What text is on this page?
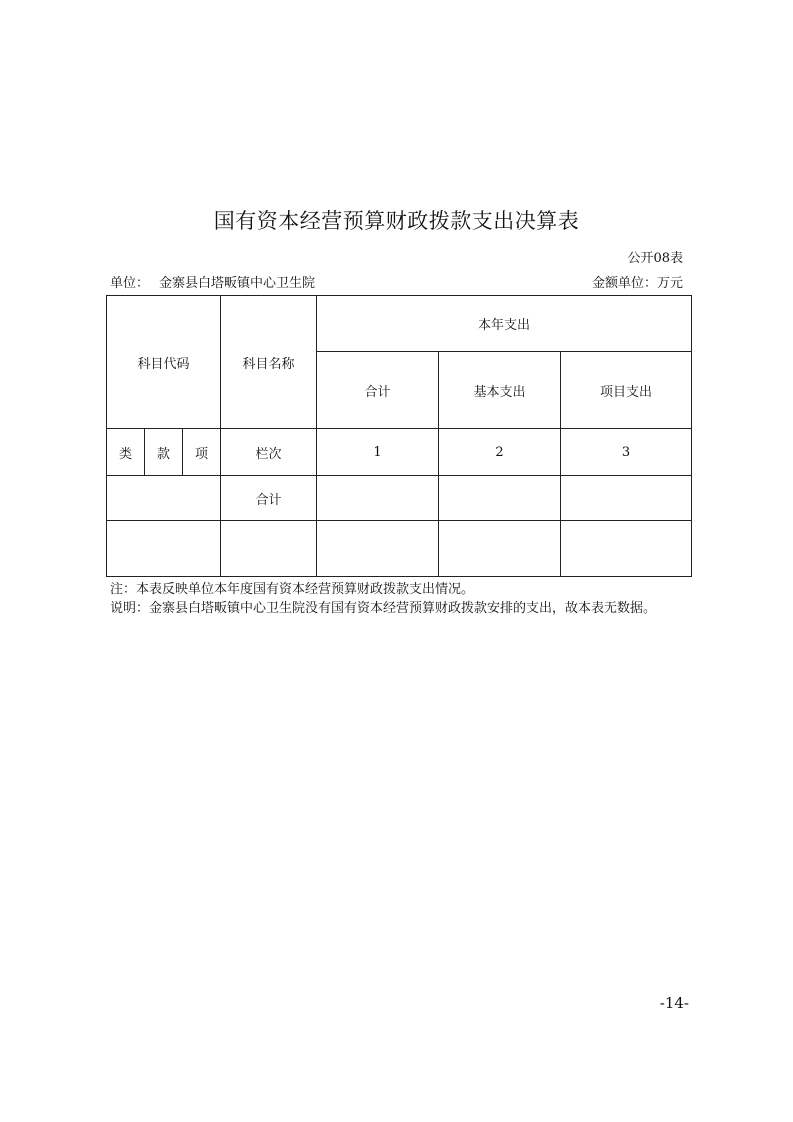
国有资本经营预算财政拨款支出决算表
公开08表
单位： 金寨县白塔畈镇中心卫生院	金额单位：万元
科目代码			科目名称	本年支出		
				合计	基本支出	项目支出
类	款	项	栏次	1	2	3
			合计			

注：本表反映单位本年度国有资本经营预算财政拨款支出情况。

说明：金寨县白塔畈镇中心卫生院没有国有资本经营预算财政拨款安排的支出，故本表无数据。

-14-
